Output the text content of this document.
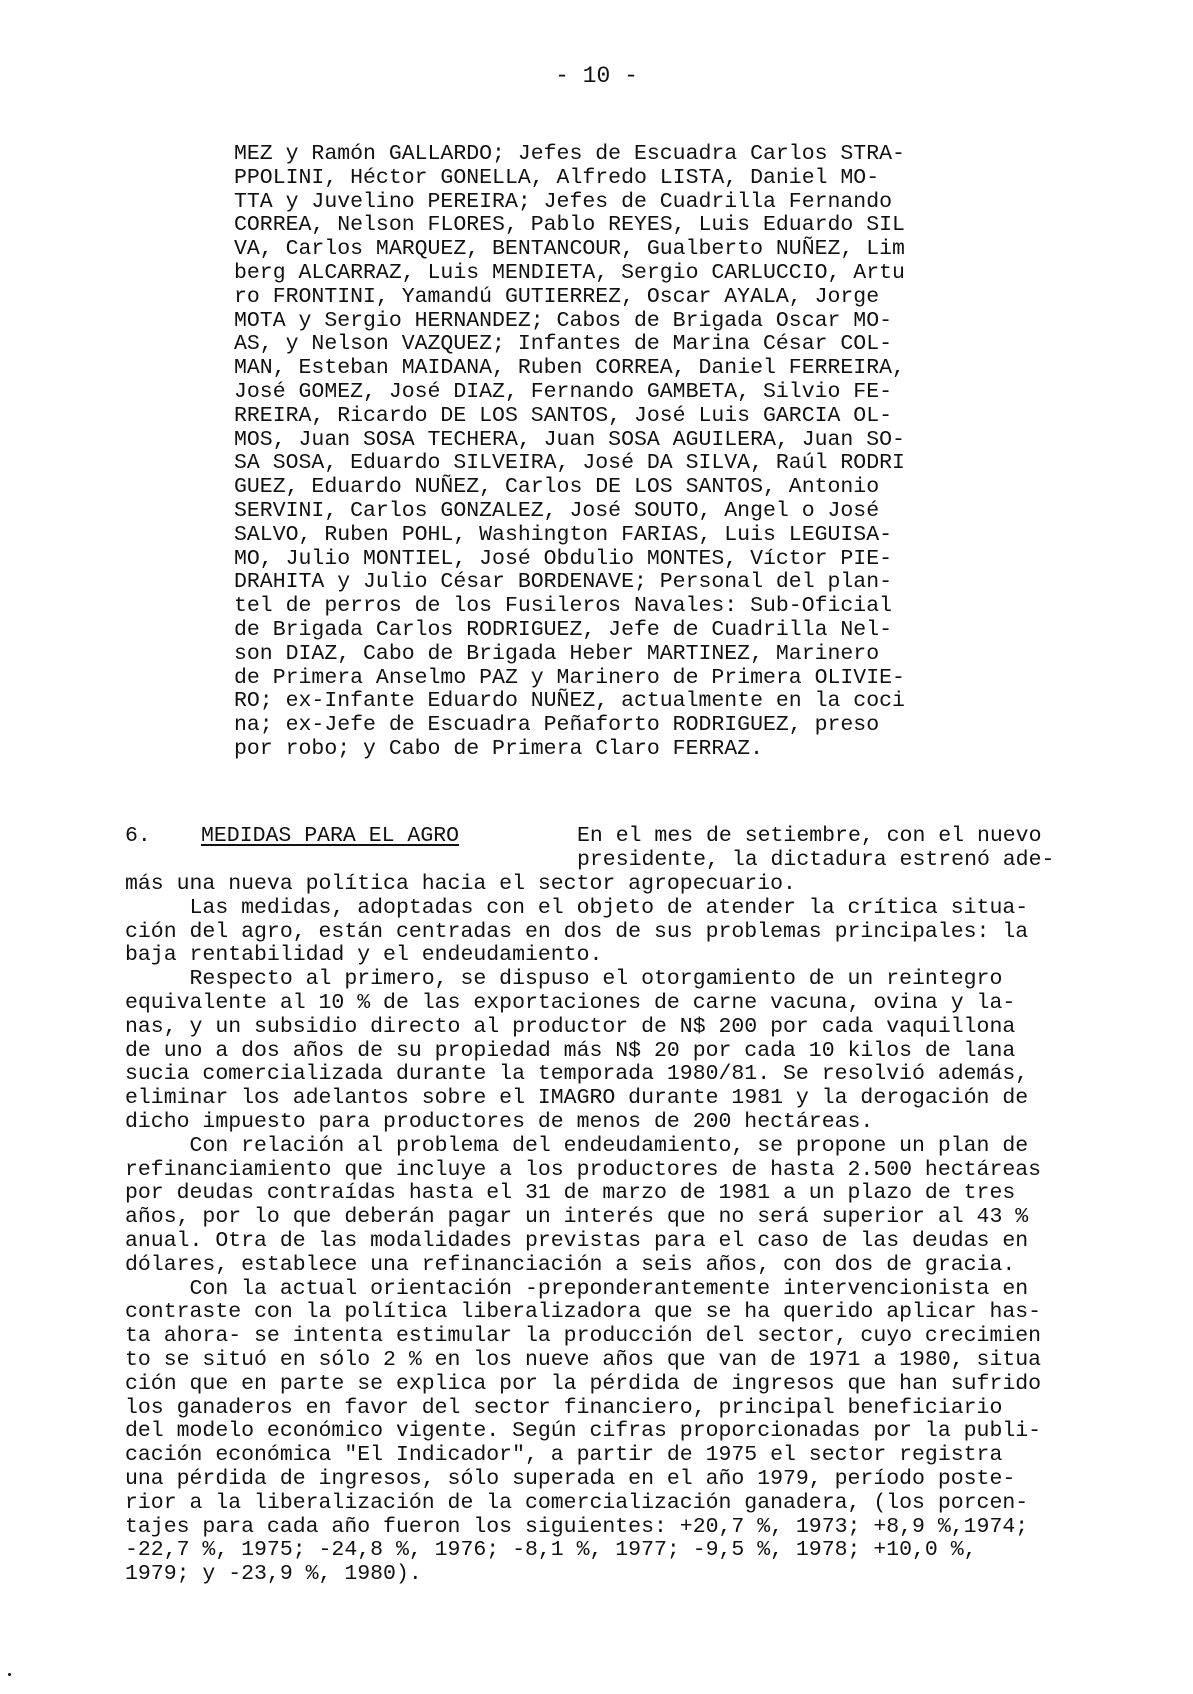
- 10 -
MEZ y Ramón GALLARDO; Jefes de Escuadra Carlos STRA-
PPOLINI, Héctor GONELLA, Alfredo LISTA, Daniel MO-
TTA y Juvelino PEREIRA; Jefes de Cuadrilla Fernando
CORREA, Nelson FLORES, Pablo REYES, Luis Eduardo SIL
VA, Carlos MARQUEZ, BENTANCOUR, Gualberto NUÑEZ, Lim
berg ALCARRAZ, Luis MENDIETA, Sergio CARLUCCIO, Artu
ro FRONTINI, Yamandú GUTIERREZ, Oscar AYALA, Jorge
MOTA y Sergio HERNANDEZ; Cabos de Brigada Oscar MO-
AS, y Nelson VAZQUEZ; Infantes de Marina César COL-
MAN, Esteban MAIDANA, Ruben CORREA, Daniel FERREIRA,
José GOMEZ, José DIAZ, Fernando GAMBETA, Silvio FE-
RREIRA, Ricardo DE LOS SANTOS, José Luis GARCIA OL-
MOS, Juan SOSA TECHERA, Juan SOSA AGUILERA, Juan SO-
SA SOSA, Eduardo SILVEIRA, José DA SILVA, Raúl RODRI
GUEZ, Eduardo NUÑEZ, Carlos DE LOS SANTOS, Antonio
SERVINI, Carlos GONZALEZ, José SOUTO, Angel o José
SALVO, Ruben POHL, Washington FARIAS, Luis LEGUISA-
MO, Julio MONTIEL, José Obdulio MONTES, Víctor PIE-
DRAHITA y Julio César BORDENAVE; Personal del plan-
tel de perros de los Fusileros Navales: Sub-Oficial
de Brigada Carlos RODRIGUEZ, Jefe de Cuadrilla Nel-
son DIAZ, Cabo de Brigada Heber MARTINEZ, Marinero
de Primera Anselmo PAZ y Marinero de Primera OLIVIE-
RO; ex-Infante Eduardo NUÑEZ, actualmente en la coci
na; ex-Jefe de Escuadra Peñaforto RODRIGUEZ, preso
por robo; y Cabo de Primera Claro FERRAZ.

6.

MEDIDAS PARA EL AGRO

	En el mes de setiembre, con el nuevo
presidente, la dictadura estrenó ade-

más una nueva política hacia el sector agropecuario.
Las medidas, adoptadas con el objeto de atender la crítica situa-
ción del agro, están centradas en dos de sus problemas principales: la
baja rentabilidad y el endeudamiento.
Respecto al primero, se dispuso el otorgamiento de un reintegro
equivalente al 10 % de las exportaciones de carne vacuna, ovina y la-
nas, y un subsidio directo al productor de N$ 200 por cada vaquillona
de uno a dos años de su propiedad más N$ 20 por cada 10 kilos de lana
sucia comercializada durante la temporada 1980/81. Se resolvió además,
eliminar los adelantos sobre el IMAGRO durante 1981 y la derogación de
dicho impuesto para productores de menos de 200 hectáreas.
Con relación al problema del endeudamiento, se propone un plan de
refinanciamiento que incluye a los productores de hasta 2.500 hectáreas
por deudas contraídas hasta el 31 de marzo de 1981 a un plazo de tres
años, por lo que deberán pagar un interés que no será superior al 43 %
anual. Otra de las modalidades previstas para el caso de las deudas en
dólares, establece una refinanciación a seis años, con dos de gracia.
Con la actual orientación -preponderantemente intervencionista en
contraste con la política liberalizadora que se ha querido aplicar has-
ta ahora- se intenta estimular la producción del sector, cuyo crecimien
to se situó en sólo 2 % en los nueve años que van de 1971 a 1980, situa
ción que en parte se explica por la pérdida de ingresos que han sufrido
los ganaderos en favor del sector financiero, principal beneficiario
del modelo económico vigente. Según cifras proporcionadas por la publi-
cación económica "El Indicador", a partir de 1975 el sector registra
una pérdida de ingresos, sólo superada en el año 1979, período poste-
rior a la liberalización de la comercialización ganadera, (los porcen-
tajes para cada año fueron los siguientes: +20,7 %, 1973; +8,9 %,1974;
-22,7 %, 1975; -24,8 %, 1976; -8,1 %, 1977; -9,5 %, 1978; +10,0 %,
1979; y -23,9 %, 1980).
